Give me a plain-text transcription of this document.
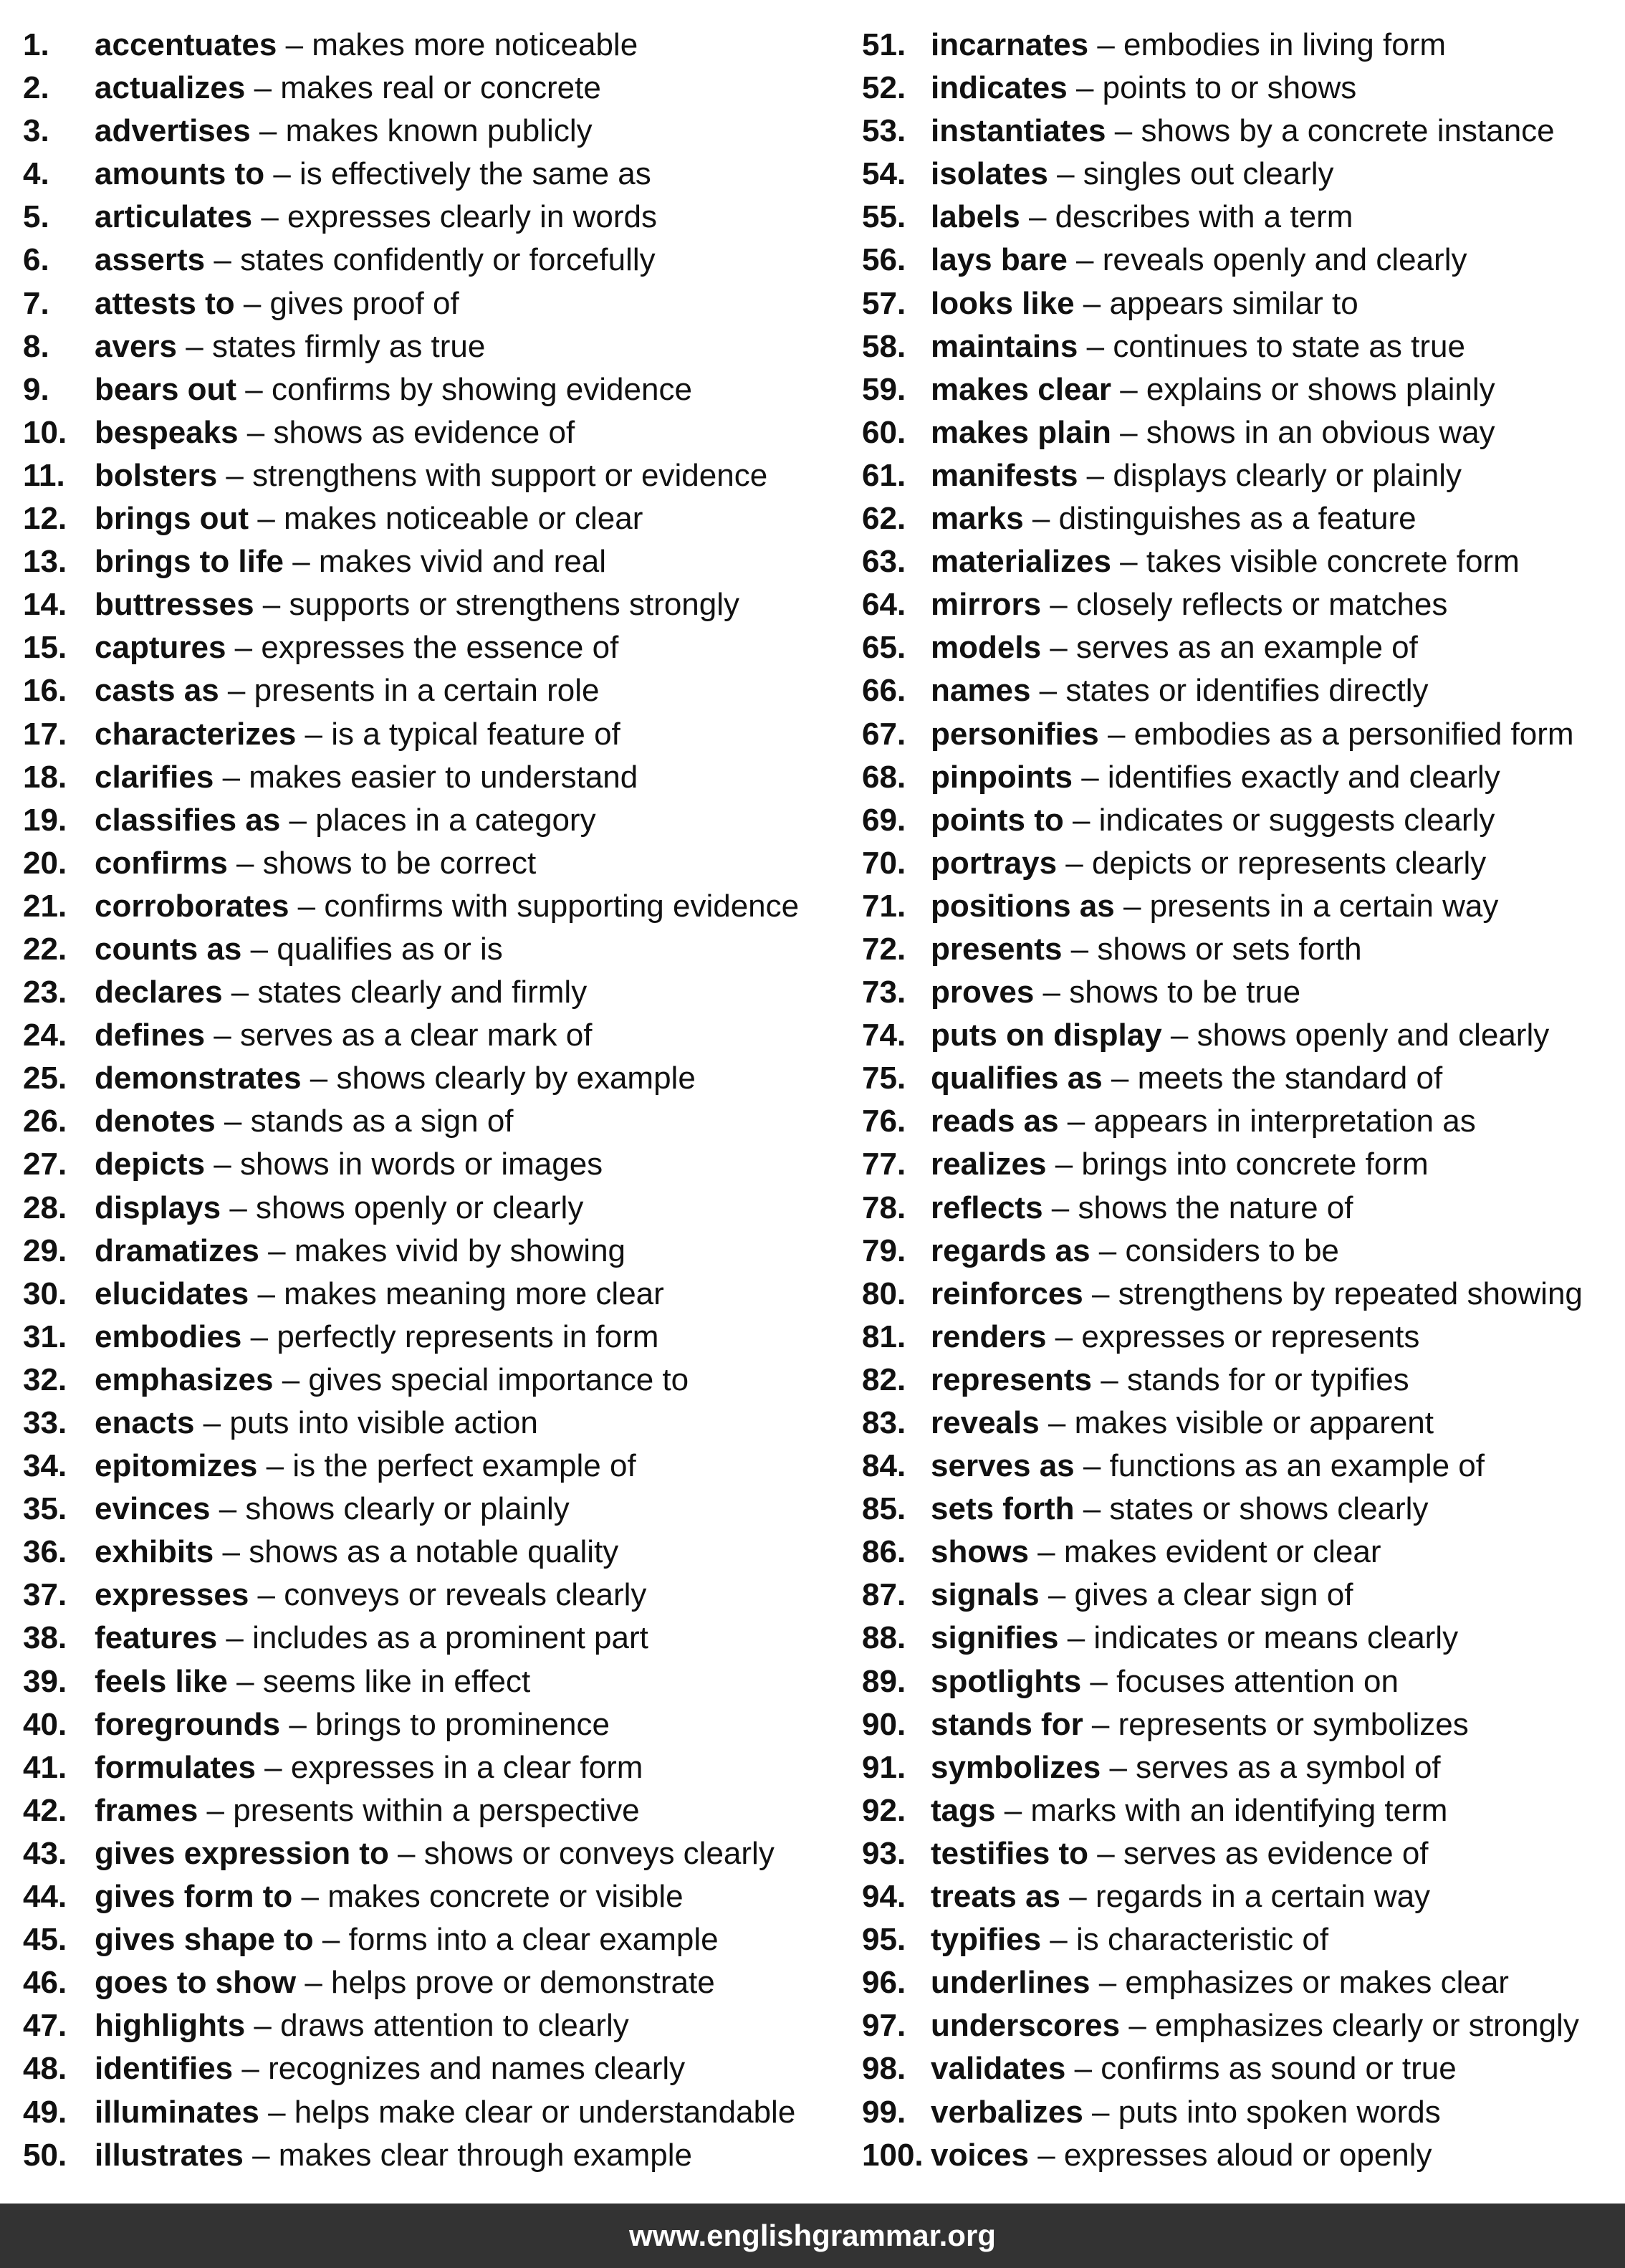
1. accentuates – makes more noticeable
2. actualizes – makes real or concrete
3. advertises – makes known publicly
4. amounts to – is effectively the same as
5. articulates – expresses clearly in words
6. asserts – states confidently or forcefully
7. attests to – gives proof of
8. avers – states firmly as true
9. bears out – confirms by showing evidence
10. bespeaks – shows as evidence of
11. bolsters – strengthens with support or evidence
12. brings out – makes noticeable or clear
13. brings to life – makes vivid and real
14. buttresses – supports or strengthens strongly
15. captures – expresses the essence of
16. casts as – presents in a certain role
17. characterizes – is a typical feature of
18. clarifies – makes easier to understand
19. classifies as – places in a category
20. confirms – shows to be correct
21. corroborates – confirms with supporting evidence
22. counts as – qualifies as or is
23. declares – states clearly and firmly
24. defines – serves as a clear mark of
25. demonstrates – shows clearly by example
26. denotes – stands as a sign of
27. depicts – shows in words or images
28. displays – shows openly or clearly
29. dramatizes – makes vivid by showing
30. elucidates – makes meaning more clear
31. embodies – perfectly represents in form
32. emphasizes – gives special importance to
33. enacts – puts into visible action
34. epitomizes – is the perfect example of
35. evinces – shows clearly or plainly
36. exhibits – shows as a notable quality
37. expresses – conveys or reveals clearly
38. features – includes as a prominent part
39. feels like – seems like in effect
40. foregrounds – brings to prominence
41. formulates – expresses in a clear form
42. frames – presents within a perspective
43. gives expression to – shows or conveys clearly
44. gives form to – makes concrete or visible
45. gives shape to – forms into a clear example
46. goes to show – helps prove or demonstrate
47. highlights – draws attention to clearly
48. identifies – recognizes and names clearly
49. illuminates – helps make clear or understandable
50. illustrates – makes clear through example
51. incarnates – embodies in living form
52. indicates – points to or shows
53. instantiates – shows by a concrete instance
54. isolates – singles out clearly
55. labels – describes with a term
56. lays bare – reveals openly and clearly
57. looks like – appears similar to
58. maintains – continues to state as true
59. makes clear – explains or shows plainly
60. makes plain – shows in an obvious way
61. manifests – displays clearly or plainly
62. marks – distinguishes as a feature
63. materializes – takes visible concrete form
64. mirrors – closely reflects or matches
65. models – serves as an example of
66. names – states or identifies directly
67. personifies – embodies as a personified form
68. pinpoints – identifies exactly and clearly
69. points to – indicates or suggests clearly
70. portrays – depicts or represents clearly
71. positions as – presents in a certain way
72. presents – shows or sets forth
73. proves – shows to be true
74. puts on display – shows openly and clearly
75. qualifies as – meets the standard of
76. reads as – appears in interpretation as
77. realizes – brings into concrete form
78. reflects – shows the nature of
79. regards as – considers to be
80. reinforces – strengthens by repeated showing
81. renders – expresses or represents
82. represents – stands for or typifies
83. reveals – makes visible or apparent
84. serves as – functions as an example of
85. sets forth – states or shows clearly
86. shows – makes evident or clear
87. signals – gives a clear sign of
88. signifies – indicates or means clearly
89. spotlights – focuses attention on
90. stands for – represents or symbolizes
91. symbolizes – serves as a symbol of
92. tags – marks with an identifying term
93. testifies to – serves as evidence of
94. treats as – regards in a certain way
95. typifies – is characteristic of
96. underlines – emphasizes or makes clear
97. underscores – emphasizes clearly or strongly
98. validates – confirms as sound or true
99. verbalizes – puts into spoken words
100. voices – expresses aloud or openly
www.englishgrammar.org
